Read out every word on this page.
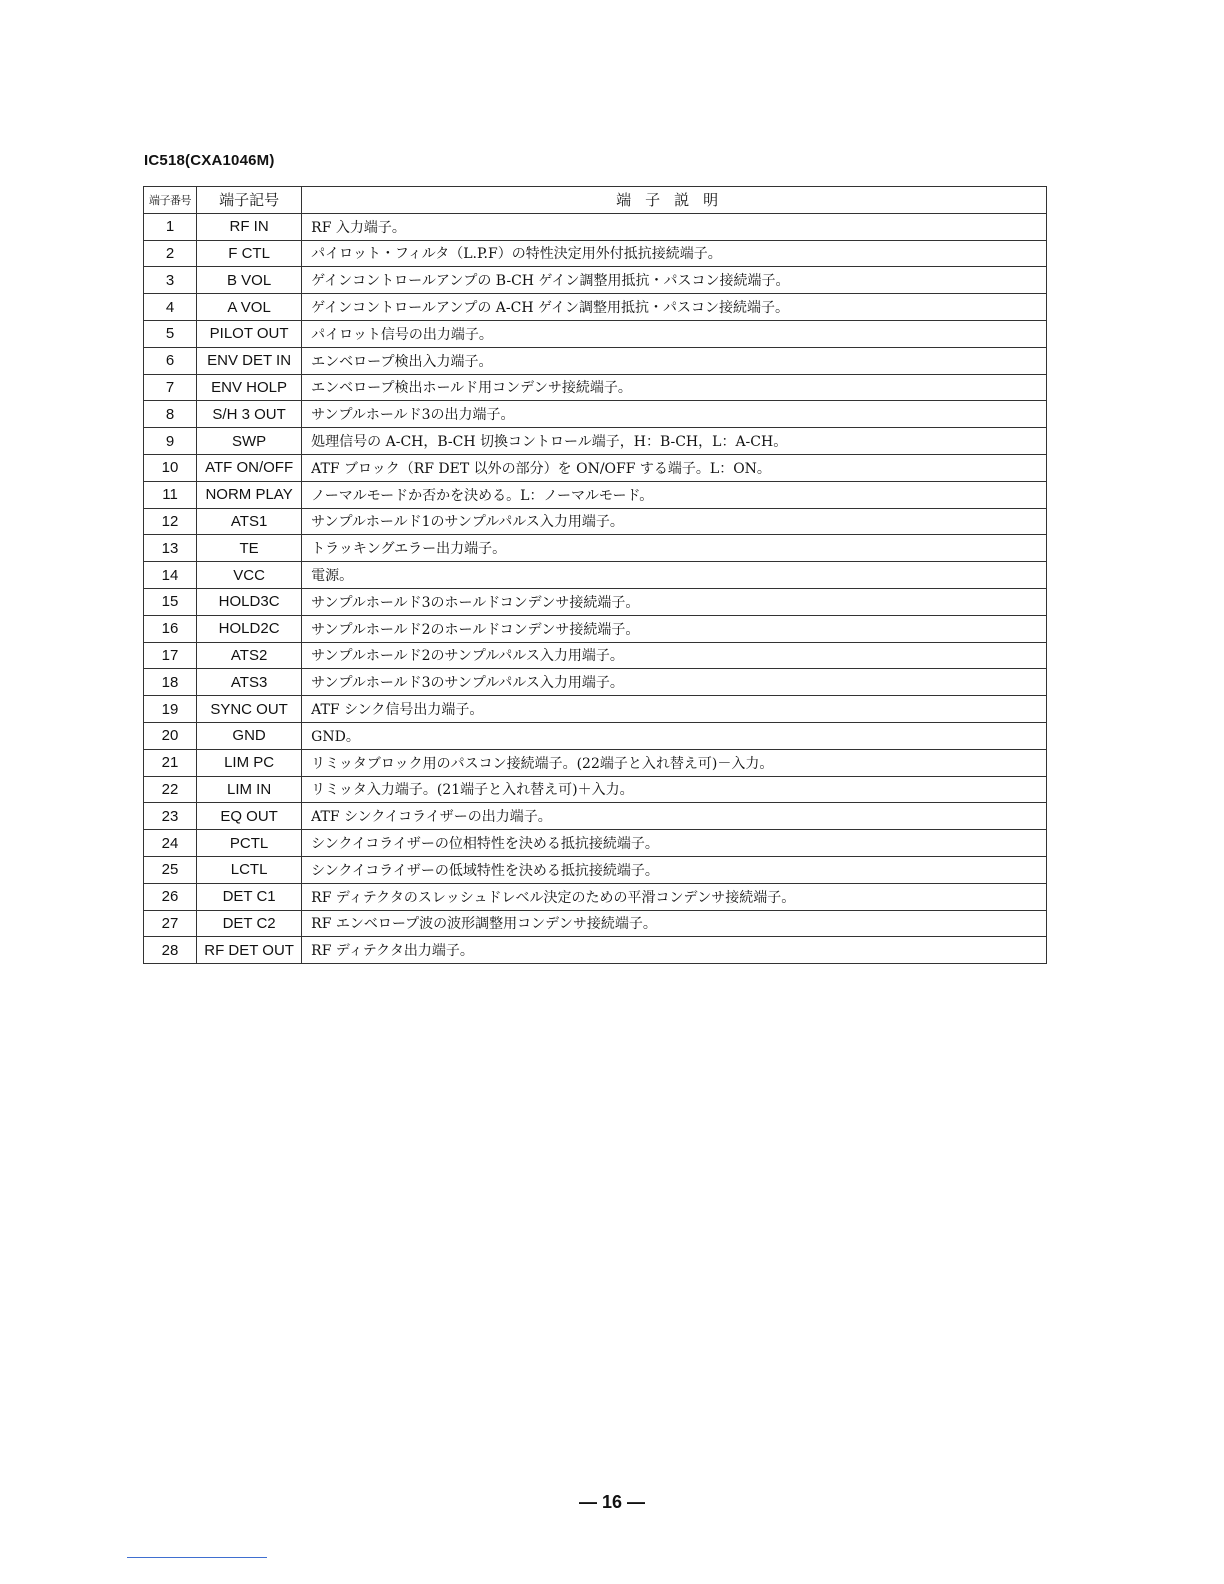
IC518(CXA1046M)
端子番号	端子記号	端子説明
1	RF IN	RF 入力端子。
2	F CTL	パイロット・フィルタ（L.P.F）の特性決定用外付抵抗接続端子。
3	B VOL	ゲインコントロールアンプの B-CH ゲイン調整用抵抗・パスコン接続端子。
4	A VOL	ゲインコントロールアンプの A-CH ゲイン調整用抵抗・パスコン接続端子。
5	PILOT OUT	パイロット信号の出力端子。
6	ENV DET IN	エンベロープ検出入力端子。
7	ENV HOLP	エンベロープ検出ホールド用コンデンサ接続端子。
8	S/H 3 OUT	サンプルホールド3の出力端子。
9	SWP	処理信号の A-CH，B-CH 切換コントロール端子，H：B-CH，L：A-CH。
10	ATF ON/OFF	ATF ブロック（RF DET 以外の部分）を ON/OFF する端子。L：ON。
11	NORM PLAY	ノーマルモードか否かを決める。L：ノーマルモード。
12	ATS1	サンプルホールド1のサンプルパルス入力用端子。
13	TE	トラッキングエラー出力端子。
14	VCC	電源。
15	HOLD3C	サンプルホールド3のホールドコンデンサ接続端子。
16	HOLD2C	サンプルホールド2のホールドコンデンサ接続端子。
17	ATS2	サンプルホールド2のサンプルパルス入力用端子。
18	ATS3	サンプルホールド3のサンプルパルス入力用端子。
19	SYNC OUT	ATF シンク信号出力端子。
20	GND	GND。
21	LIM PC	リミッタブロック用のパスコン接続端子。(22端子と入れ替え可)－入力。
22	LIM IN	リミッタ入力端子。(21端子と入れ替え可)＋入力。
23	EQ OUT	ATF シンクイコライザーの出力端子。
24	PCTL	シンクイコライザーの位相特性を決める抵抗接続端子。
25	LCTL	シンクイコライザーの低域特性を決める抵抗接続端子。
26	DET C1	RF ディテクタのスレッシュドレベル決定のための平滑コンデンサ接続端子。
27	DET C2	RF エンベロープ波の波形調整用コンデンサ接続端子。
28	RF DET OUT	RF ディテクタ出力端子。
— 16 —
